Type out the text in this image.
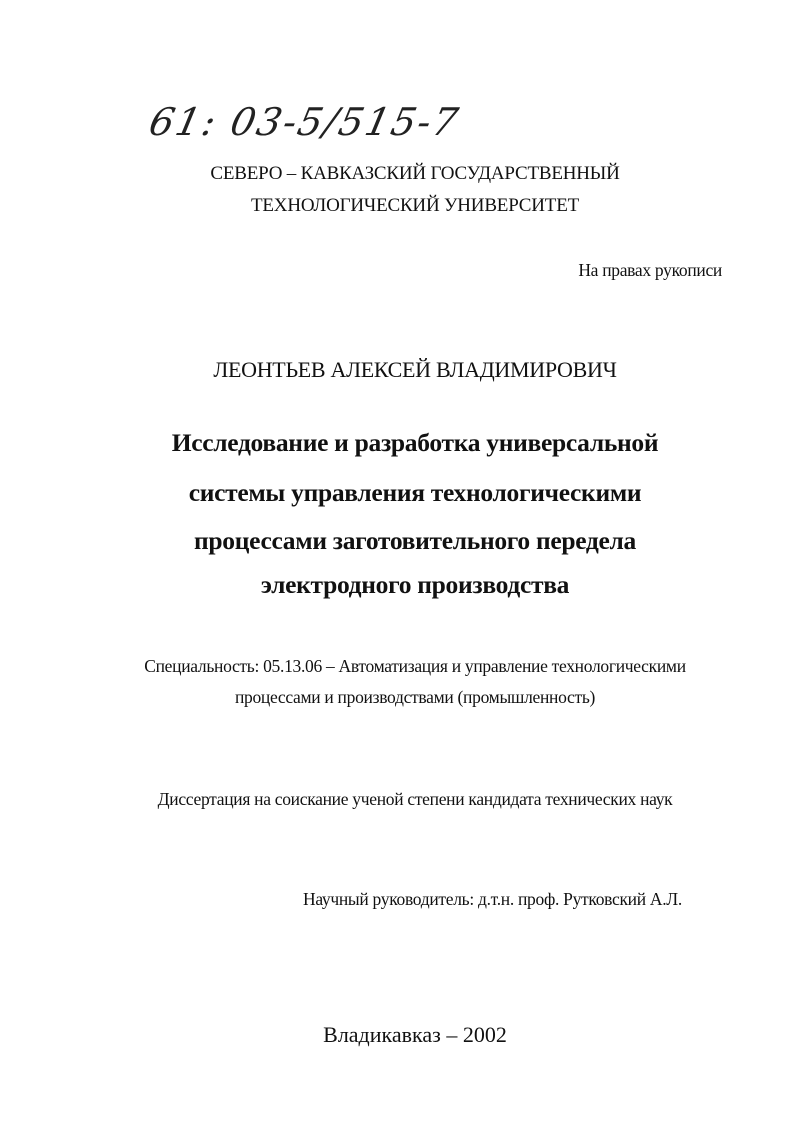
61: 03-5/515-7
СЕВЕРО – КАВКАЗСКИЙ ГОСУДАРСТВЕННЫЙ
ТЕХНОЛОГИЧЕСКИЙ УНИВЕРСИТЕТ
На правах рукописи
ЛЕОНТЬЕВ АЛЕКСЕЙ ВЛАДИМИРОВИЧ
Исследование и разработка универсальной
системы управления технологическими
процессами заготовительного передела
электродного производства
Специальность: 05.13.06 – Автоматизация и управление технологическими
процессами и производствами (промышленность)
Диссертация на соискание ученой степени кандидата технических наук
Научный руководитель: д.т.н. проф. Рутковский А.Л.
Владикавказ – 2002
